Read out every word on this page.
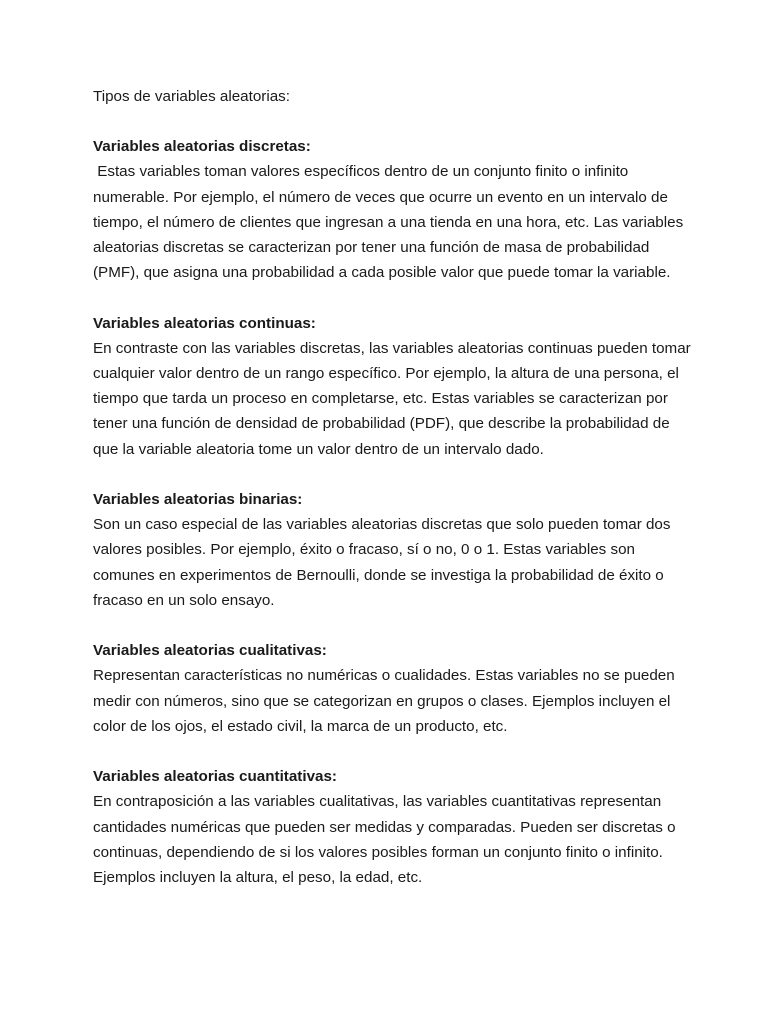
Tipos de variables aleatorias:

Variables aleatorias discretas:
Estas variables toman valores específicos dentro de un conjunto finito o infinito numerable. Por ejemplo, el número de veces que ocurre un evento en un intervalo de tiempo, el número de clientes que ingresan a una tienda en una hora, etc. Las variables aleatorias discretas se caracterizan por tener una función de masa de probabilidad (PMF), que asigna una probabilidad a cada posible valor que puede tomar la variable.
Variables aleatorias continuas:
En contraste con las variables discretas, las variables aleatorias continuas pueden tomar cualquier valor dentro de un rango específico. Por ejemplo, la altura de una persona, el tiempo que tarda un proceso en completarse, etc. Estas variables se caracterizan por tener una función de densidad de probabilidad (PDF), que describe la probabilidad de que la variable aleatoria tome un valor dentro de un intervalo dado.
Variables aleatorias binarias:
Son un caso especial de las variables aleatorias discretas que solo pueden tomar dos valores posibles. Por ejemplo, éxito o fracaso, sí o no, 0 o 1. Estas variables son comunes en experimentos de Bernoulli, donde se investiga la probabilidad de éxito o fracaso en un solo ensayo.
Variables aleatorias cualitativas:
Representan características no numéricas o cualidades. Estas variables no se pueden medir con números, sino que se categorizan en grupos o clases. Ejemplos incluyen el color de los ojos, el estado civil, la marca de un producto, etc.
Variables aleatorias cuantitativas:
En contraposición a las variables cualitativas, las variables cuantitativas representan cantidades numéricas que pueden ser medidas y comparadas. Pueden ser discretas o continuas, dependiendo de si los valores posibles forman un conjunto finito o infinito. Ejemplos incluyen la altura, el peso, la edad, etc.
